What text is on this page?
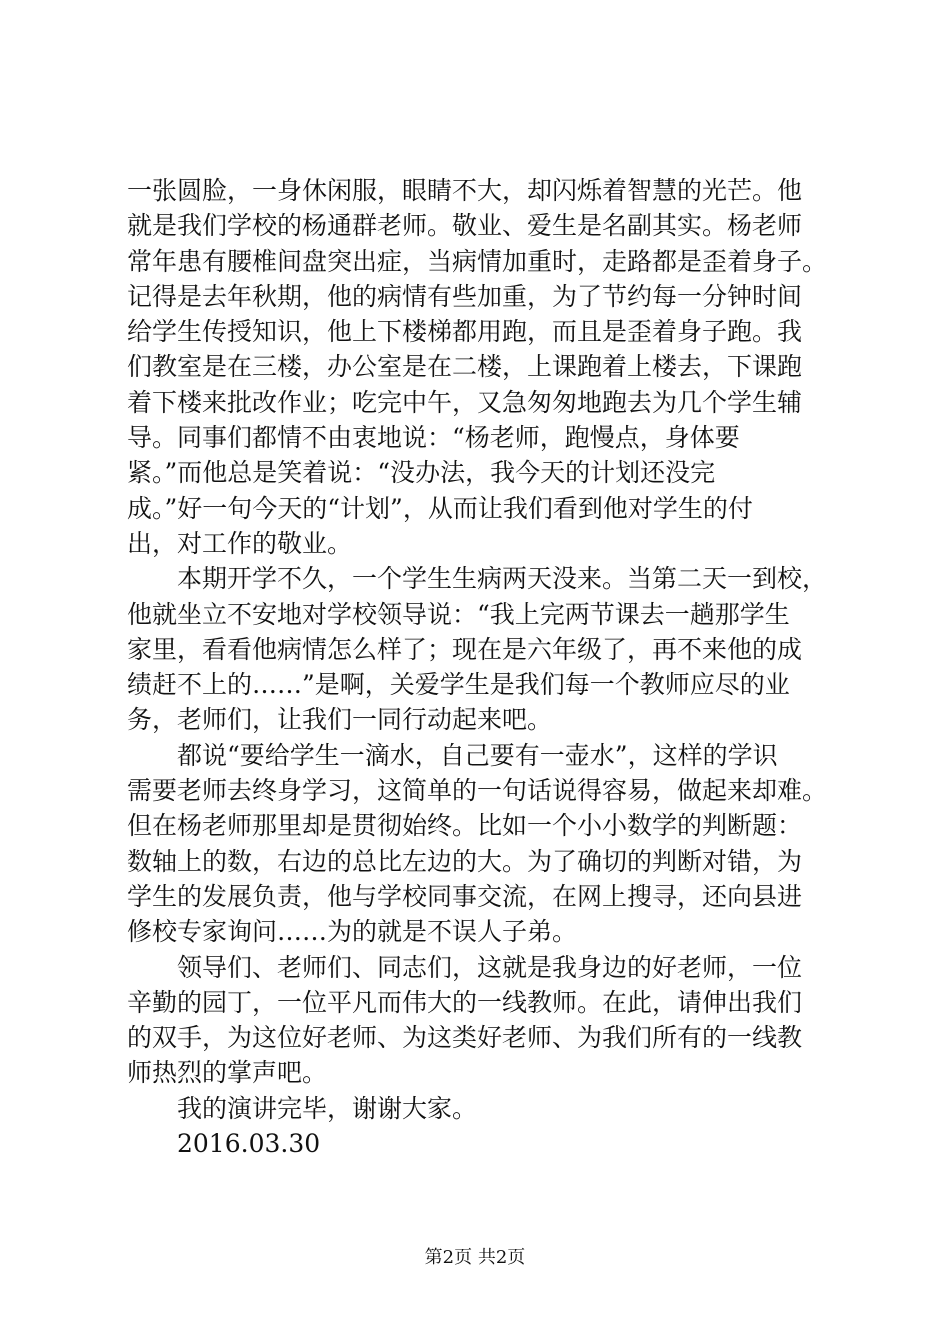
一张圆脸，一身休闲服，眼睛不大，却闪烁着智慧的光芒。他
就是我们学校的杨通群老师。敬业、爱生是名副其实。杨老师
常年患有腰椎间盘突出症，当病情加重时，走路都是歪着身子。
记得是去年秋期，他的病情有些加重，为了节约每一分钟时间
给学生传授知识，他上下楼梯都用跑，而且是歪着身子跑。我
们教室是在三楼，办公室是在二楼，上课跑着上楼去，下课跑
着下楼来批改作业；吃完中午，又急匆匆地跑去为几个学生辅
导。同事们都情不由衷地说：“杨老师，跑慢点，身体要
紧。”而他总是笑着说：“没办法，我今天的计划还没完
成。”好一句今天的“计划”，从而让我们看到他对学生的付
出，对工作的敬业。
　　本期开学不久，一个学生生病两天没来。当第二天一到校，
他就坐立不安地对学校领导说：“我上完两节课去一趟那学生
家里，看看他病情怎么样了；现在是六年级了，再不来他的成
绩赶不上的……”是啊，关爱学生是我们每一个教师应尽的业
务，老师们，让我们一同行动起来吧。
　　都说“要给学生一滴水，自己要有一壶水”，这样的学识
需要老师去终身学习，这简单的一句话说得容易，做起来却难。
但在杨老师那里却是贯彻始终。比如一个小小数学的判断题：
数轴上的数，右边的总比左边的大。为了确切的判断对错，为
学生的发展负责，他与学校同事交流，在网上搜寻，还向县进
修校专家询问……为的就是不误人子弟。
　　领导们、老师们、同志们，这就是我身边的好老师，一位
辛勤的园丁，一位平凡而伟大的一线教师。在此，请伸出我们
的双手，为这位好老师、为这类好老师、为我们所有的一线教
师热烈的掌声吧。
　　我的演讲完毕，谢谢大家。
　　2016.03.30
第2页 共2页
